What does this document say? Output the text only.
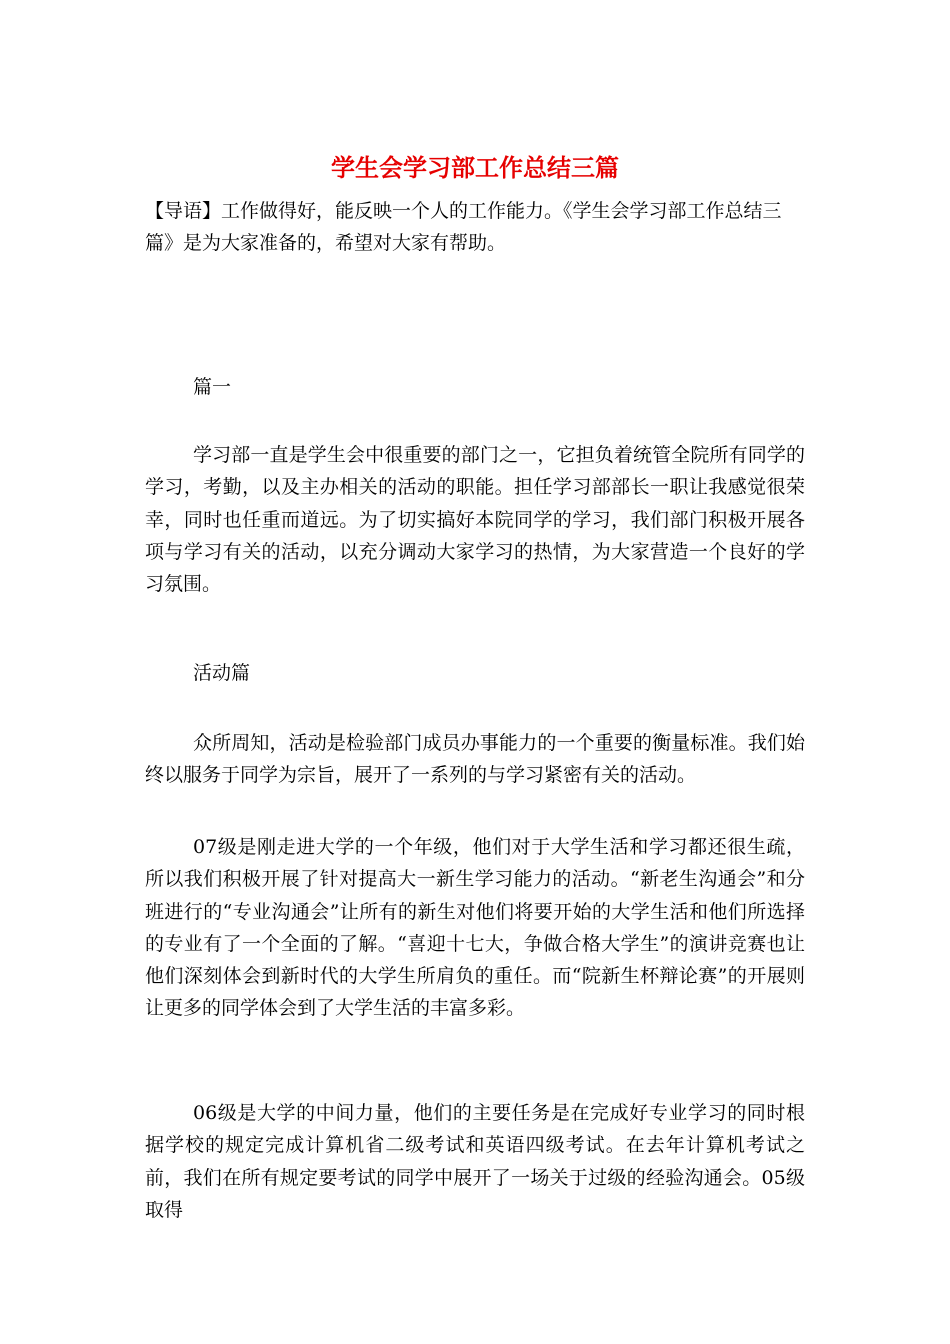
学生会学习部工作总结三篇

【导语】工作做得好，能反映一个人的工作能力。《学生会学习部工作总结三篇》是为大家准备的，希望对大家有帮助。

篇一

学习部一直是学生会中很重要的部门之一，它担负着统管全院所有同学的学习，考勤，以及主办相关的活动的职能。担任学习部部长一职让我感觉很荣幸，同时也任重而道远。为了切实搞好本院同学的学习，我们部门积极开展各项与学习有关的活动，以充分调动大家学习的热情，为大家营造一个良好的学习氛围。

活动篇

众所周知，活动是检验部门成员办事能力的一个重要的衡量标准。我们始终以服务于同学为宗旨，展开了一系列的与学习紧密有关的活动。

07级是刚走进大学的一个年级，他们对于大学生活和学习都还很生疏，所以我们积极开展了针对提高大一新生学习能力的活动。“新老生沟通会”和分班进行的“专业沟通会”让所有的新生对他们将要开始的大学生活和他们所选择的专业有了一个全面的了解。“喜迎十七大，争做合格大学生”的演讲竞赛也让他们深刻体会到新时代的大学生所肩负的重任。而“院新生杯辩论赛”的开展则让更多的同学体会到了大学生活的丰富多彩。

06级是大学的中间力量，他们的主要任务是在完成好专业学习的同时根据学校的规定完成计算机省二级考试和英语四级考试。在去年计算机考试之前，我们在所有规定要考试的同学中展开了一场关于过级的经验沟通会。05级取得
